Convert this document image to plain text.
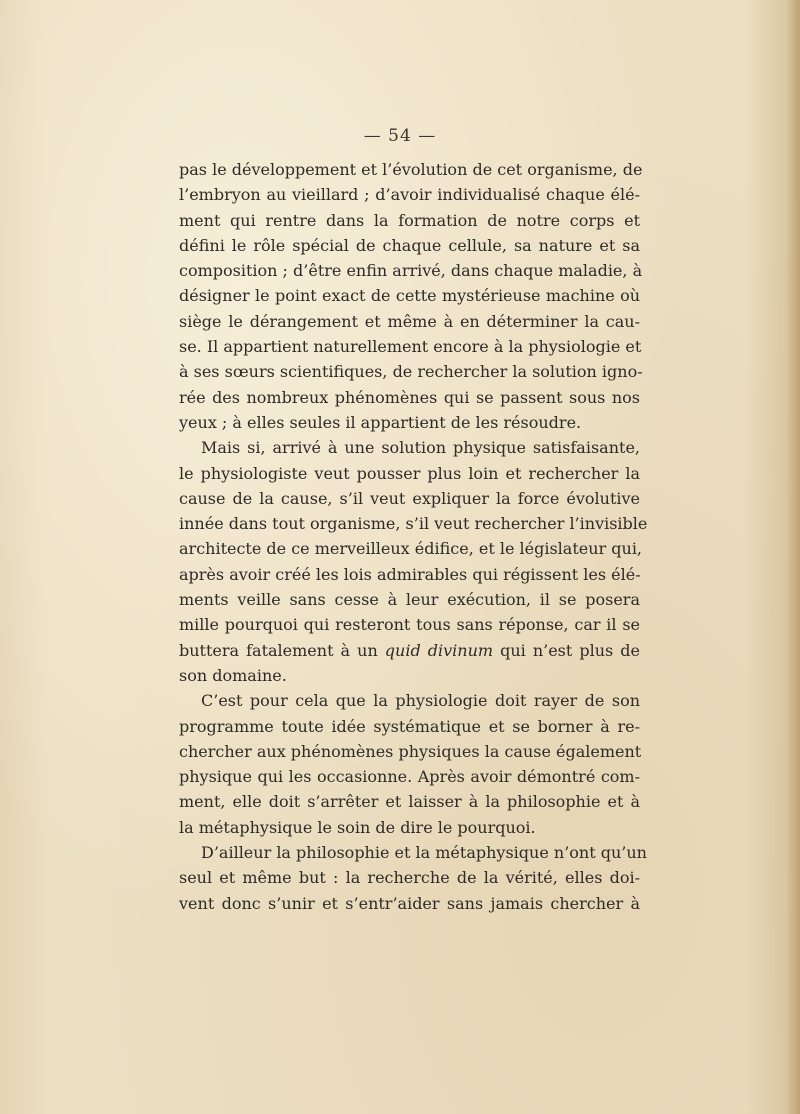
— 54 —
pas le développement et l’évolution de cet organisme, de
l’embryon au vieillard ; d’avoir individualisé chaque élé-
ment qui rentre dans la formation de notre corps et
défini le rôle spécial de chaque cellule, sa nature et sa
composition ; d’être enfin arrivé, dans chaque maladie, à
désigner le point exact de cette mystérieuse machine où
siège le dérangement et même à en déterminer la cau-
se. Il appartient naturellement encore à la physiologie et
à ses sœurs scientifiques, de rechercher la solution igno-
rée des nombreux phénomènes qui se passent sous nos
yeux ; à elles seules il appartient de les résoudre.
Mais si, arrivé à une solution physique satisfaisante,
le physiologiste veut pousser plus loin et rechercher la
cause de la cause, s’il veut expliquer la force évolutive
innée dans tout organisme, s’il veut rechercher l’invisible
architecte de ce merveilleux édifice, et le législateur qui,
après avoir créé les lois admirables qui régissent les élé-
ments veille sans cesse à leur exécution, il se posera
mille pourquoi qui resteront tous sans réponse, car il se
buttera fatalement à un quid divinum qui n’est plus de
son domaine.
C’est pour cela que la physiologie doit rayer de son
programme toute idée systématique et se borner à re-
chercher aux phénomènes physiques la cause également
physique qui les occasionne. Après avoir démontré com-
ment, elle doit s’arrêter et laisser à la philosophie et à
la métaphysique le soin de dire le pourquoi.
D’ailleur la philosophie et la métaphysique n’ont qu’un
seul et même but : la recherche de la vérité, elles doi-
vent donc s’unir et s’entr’aider sans jamais chercher à
